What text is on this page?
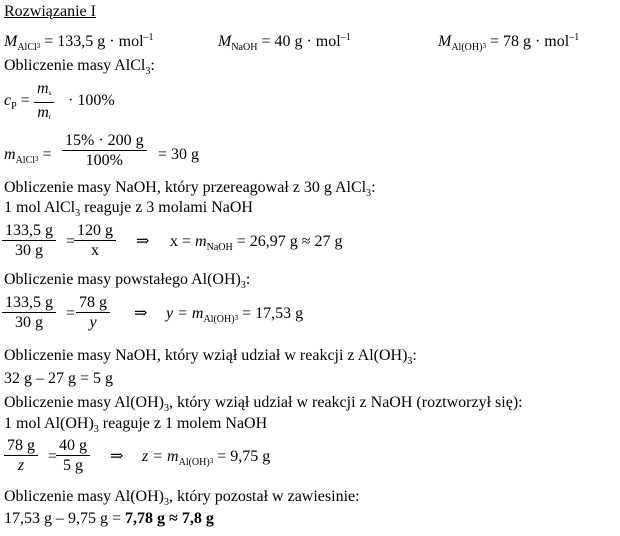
Rozwiązanie I
$M_{AlCl}3 = 133,5$ g · mol$^{-1}$	$M_{NaOH} = 40$ g · mol$^{-1}$	$M_{Al(OH)}3 = 78$ g · mol$^{-1}$
Obliczenie masy AlCl$_3$:
$c_P = \frac{ms}{mr} \cdot 100\%$
$m_{AlCl}3 = \frac{15\% \cdot 200 g}{100\%} = 30$ g
Obliczenie masy NaOH, który przereagował z 30 g AlCl$_3$:
1 mol AlCl$_3$ reaguje z 3 molami NaOH
$\frac{133,5 g}{30 g}$ =
$\frac{120 g}{x}$ ⇒ $x = m_{NaOH} = 26,97$ g ≈ 27 g
Obliczenie masy powstałego $Al(OH)_3$:
$\frac{133,5 g}{30 g} = \frac{78 g}{y}$ ⇒ $y = m_{Al(OH)}3 = 17,53$ g
Obliczenie masy NaOH, który wziął udział w reakcji z $Al(OH)_3$:
32 g – 27 g = 5 g
Obliczenie masy $Al(OH)_3$, który wziął udział w reakcji z NaOH (roztworzył się):
1 mol $Al(OH)_3$ reaguje z 1 molem NaOH
$\frac{78 g}{z}$ =
$\frac{40 g}{5 g}$ ⇒ $z = m_{Al(OH)}3 = 9,75$ g
Obliczenie masy $Al(OH)_3$, który pozostał w zawiesinie:
17,53 g – 9,75 g = 7,78 g ≈ 7,8 g
